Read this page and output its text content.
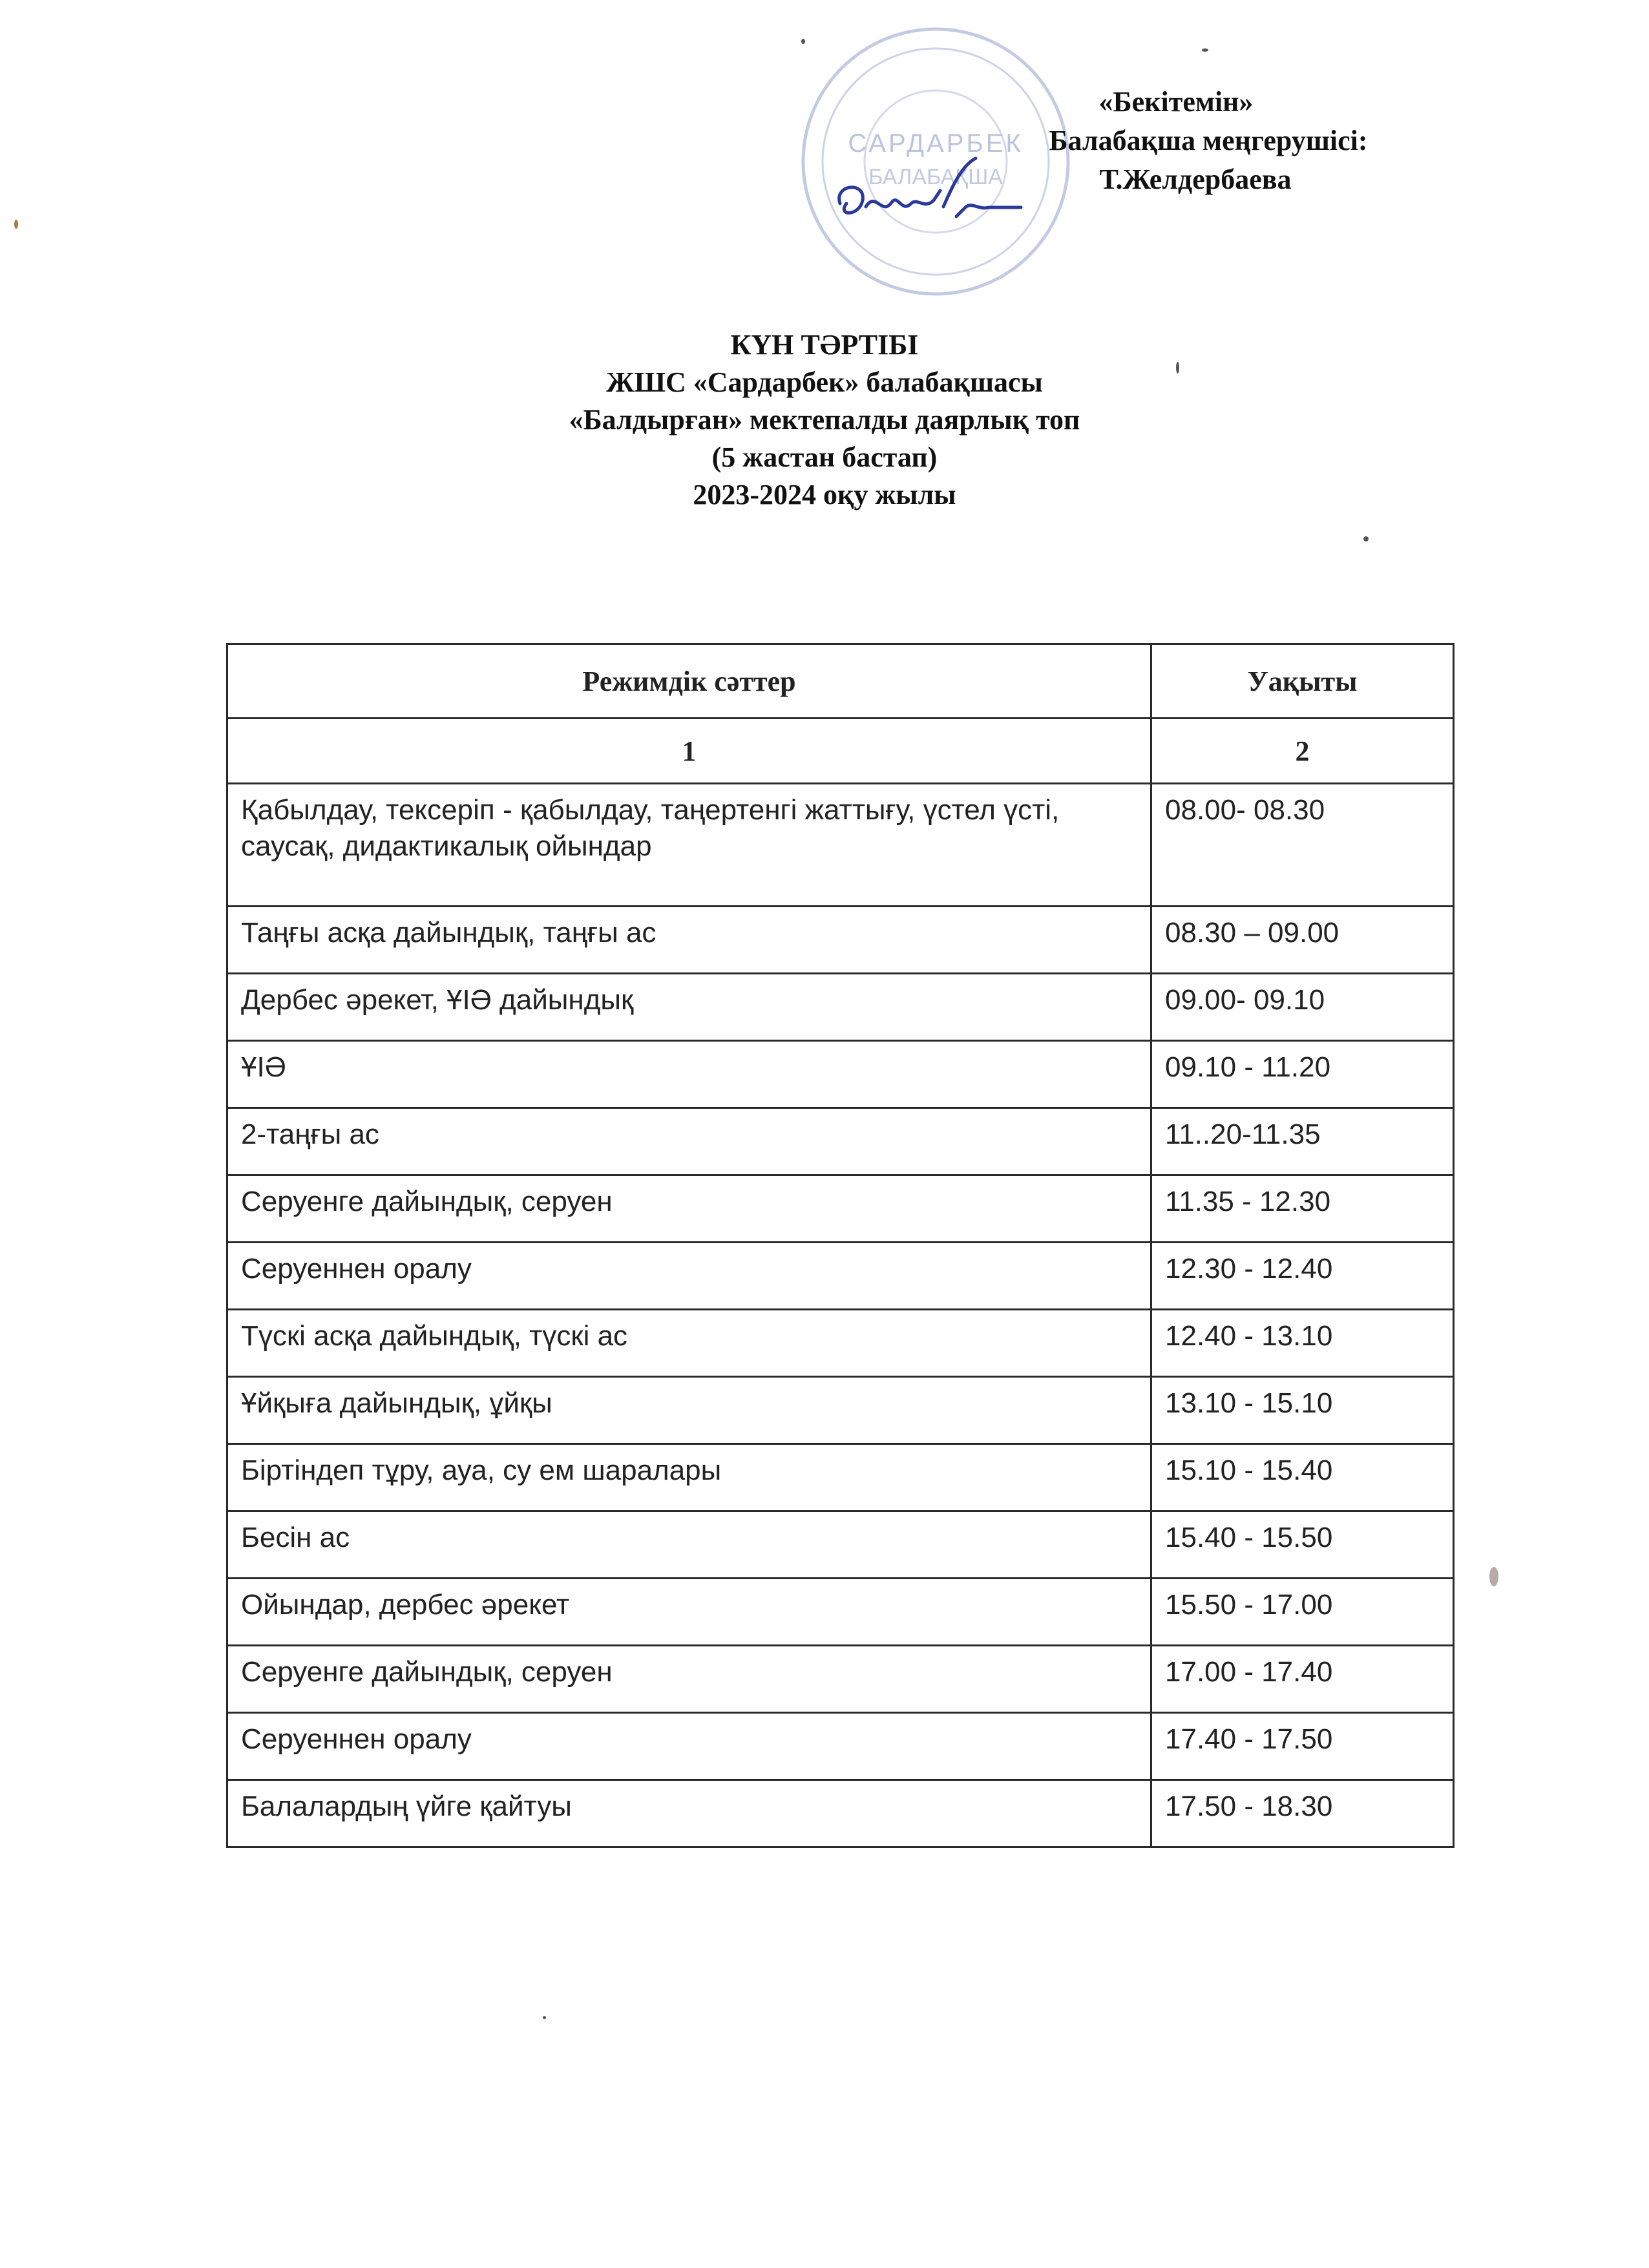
САРДАРБЕК
БАЛАБАҚША
«Бекітемін»
Балабақша меңгерушісі:
Т.Желдербаева
КҮН ТӘРТІБІ
ЖШС «Сардарбек» балабақшасы
«Балдырған» мектепалды даярлық топ
(5 жастан бастап)
2023-2024 оқу жылы
Режимдік сәттер	Уақыты
1	2
Қабылдау, тексеріп - қабылдау, таңертенгі жаттығу, үстел үсті, саусақ, дидактикалық ойындар	08.00- 08.30
Таңғы асқа дайындық, таңғы ас	08.30 – 09.00
Дербес әрекет, ҰІӘ дайындық	09.00- 09.10
ҰІӘ	09.10 - 11.20
2-таңғы ас	11..20-11.35
Серуенге дайындық, серуен	11.35 - 12.30
Серуеннен оралу	12.30 - 12.40
Түскі асқа дайындық, түскі ас	12.40 - 13.10
Ұйқыға дайындық, ұйқы	13.10 - 15.10
Біртіндеп тұру, ауа, су ем шаралары	15.10 - 15.40
Бесін ас	15.40 - 15.50
Ойындар, дербес әрекет	15.50 - 17.00
Серуенге дайындық, серуен	17.00 - 17.40
Серуеннен оралу	17.40 - 17.50
Балалардың үйге қайтуы	17.50 - 18.30
